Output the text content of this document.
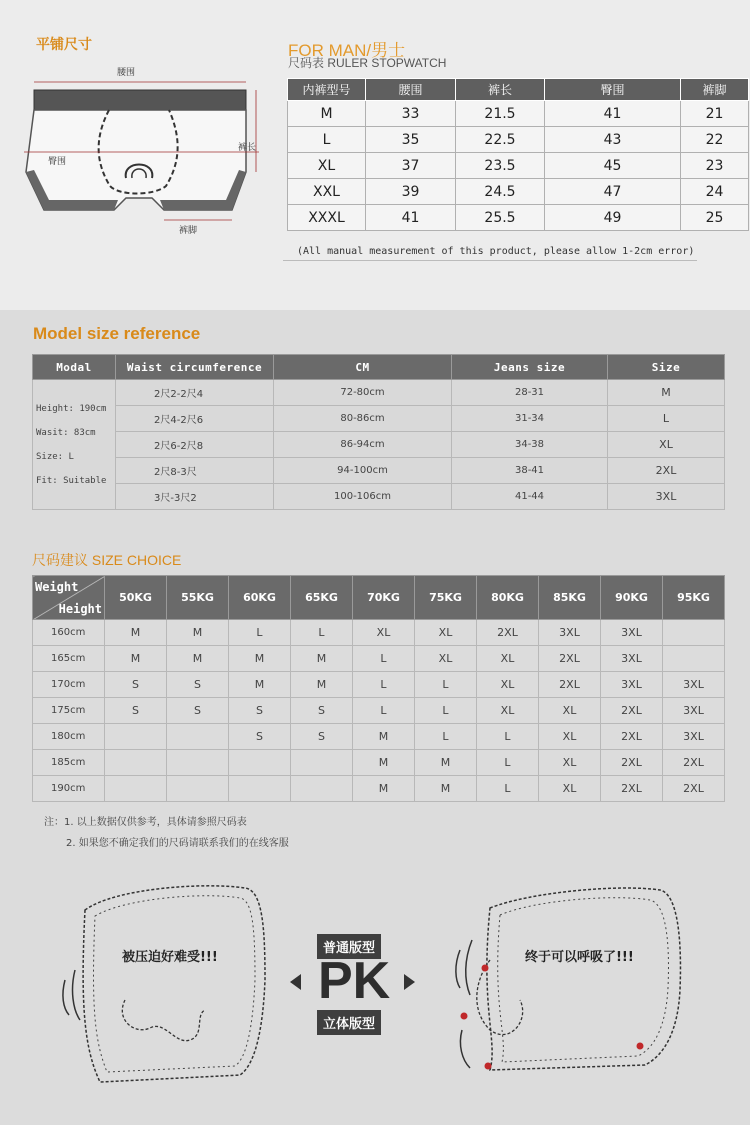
平铺尺寸
腰围
臀围
裤长
裤脚
FOR MAN/男士
尺码表 RULER STOPWATCH
内裤型号	腰围	裤长	臀围	裤脚
M	33	21.5	41	21
L	35	22.5	43	22
XL	37	23.5	45	23
XXL	39	24.5	47	24
XXXL	41	25.5	49	25
(All manual measurement of this product, please allow 1-2cm error)
Model size reference
Modal	Waist circumference	CM	Jeans size	Size

Height: 190cm
Wasit: 83cm
Size: L
Fit: Suitable	2尺2-2尺4	72-80cm	28-31	M
	2尺4-2尺6	80-86cm	31-34	L
	2尺6-2尺8	86-94cm	34-38	XL
	2尺8-3尺	94-100cm	38-41	2XL
	3尺-3尺2	100-106cm	41-44	3XL
尺码建议 SIZE CHOICE
Weight
Height	50KG	55KG	60KG	65KG	70KG	75KG	80KG	85KG	90KG	95KG
160cm	M	M	L	L	XL	XL	2XL	3XL	3XL	
165cm	M	M	M	M	L	XL	XL	2XL	3XL	
170cm	S	S	M	M	L	L	XL	2XL	3XL	3XL
175cm	S	S	S	S	L	L	XL	XL	2XL	3XL
180cm			S	S	M	L	L	XL	2XL	3XL
185cm					M	M	L	XL	2XL	2XL
190cm					M	M	L	XL	2XL	2XL
注：1. 以上数据仅供参考，具体请参照尺码表
2. 如果您不确定我们的尺码请联系我们的在线客服
被压迫好难受!!!
普通版型
PK
立体版型
终于可以呼吸了!!!
